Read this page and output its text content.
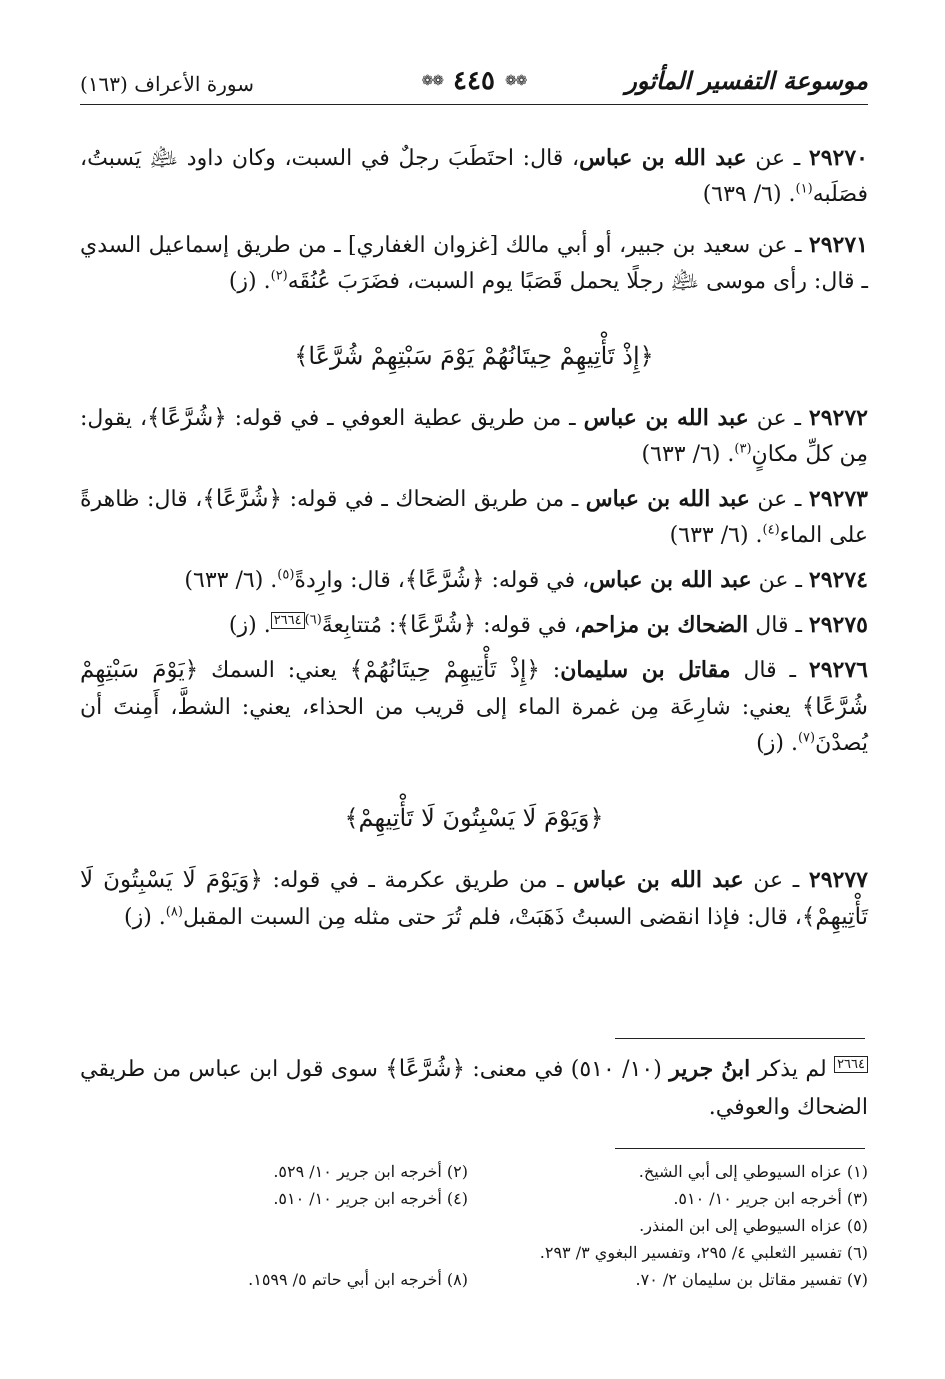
موسوعة التفسير المأثور
❁❁ ٤٤٥ ❁❁
سورة الأعراف (١٦٣)

٢٩٢٧٠ ـ عن عبد الله بن عباس، قال: احتَطَبَ رجلٌ في السبت، وكان داود ﵇ يَسبتُ، فصَلَبه$^{(١)}$. (٦/ ٦٣٩)

٢٩٢٧١ ـ عن سعيد بن جبير، أو أبي مالك [غزوان الغفاري] ـ من طريق إسماعيل السدي ـ قال: رأى موسى ﵇ رجلًا يحمل قَصَبًا يوم السبت، فضَرَبَ عُنُقَه$^{(٢)}$. (ز)

﴿إِذْ تَأْتِيهِمْ حِيتَانُهُمْ يَوْمَ سَبْتِهِمْ شُرَّعًا﴾

٢٩٢٧٢ ـ عن عبد الله بن عباس ـ من طريق عطية العوفي ـ في قوله: ﴿شُرَّعًا﴾، يقول: مِن كلِّ مكانٍ$^{(٣)}$. (٦/ ٦٣٣)

٢٩٢٧٣ ـ عن عبد الله بن عباس ـ من طريق الضحاك ـ في قوله: ﴿شُرَّعًا﴾، قال: ظاهرةً على الماء$^{(٤)}$. (٦/ ٦٣٣)

٢٩٢٧٤ ـ عن عبد الله بن عباس، في قوله: ﴿شُرَّعًا﴾، قال: وارِدةً$^{(٥)}$. (٦/ ٦٣٣)

٢٩٢٧٥ ـ قال الضحاك بن مزاحم، في قوله: ﴿شُرَّعًا﴾: مُتتابِعةً$^{(٦)٢٦٦٤}$. (ز)

٢٩٢٧٦ ـ قال مقاتل بن سليمان: ﴿إِذْ تَأْتِيهِمْ حِيتَانُهُمْ﴾ يعني: السمك ﴿يَوْمَ سَبْتِهِمْ شُرَّعًا﴾ يعني: شارِعَة مِن غمرة الماء إلى قريب من الحذاء، يعني: الشطَّ، أَمِنتَ أن يُصدْنَ$^{(٧)}$. (ز)

﴿وَيَوْمَ لَا يَسْبِتُونَ لَا تَأْتِيهِمْ﴾

٢٩٢٧٧ ـ عن عبد الله بن عباس ـ من طريق عكرمة ـ في قوله: ﴿وَيَوْمَ لَا يَسْبِتُونَ لَا تَأْتِيهِمْ﴾، قال: فإذا انقضى السبتُ ذَهَبَتْ، فلم تُرَ حتى مثله مِن السبت المقبل$^{(٨)}$. (ز)

$^{٢٦٦٤}$ لم يذكر ابنُ جرير (١٠/ ٥١٠) في معنى: ﴿شُرَّعًا﴾ سوى قول ابن عباس من طريقي الضحاك والعوفي.
(١) عزاه السيوطي إلى أبي الشيخ.
(٢) أخرجه ابن جرير ١٠/ ٥٢٩.
(٣) أخرجه ابن جرير ١٠/ ٥١٠.
(٤) أخرجه ابن جرير ١٠/ ٥١٠.
(٥) عزاه السيوطي إلى ابن المنذر.
(٦) تفسير الثعلبي ٤/ ٢٩٥، وتفسير البغوي ٣/ ٢٩٣.
(٧) تفسير مقاتل بن سليمان ٢/ ٧٠.
(٨) أخرجه ابن أبي حاتم ٥/ ١٥٩٩.
